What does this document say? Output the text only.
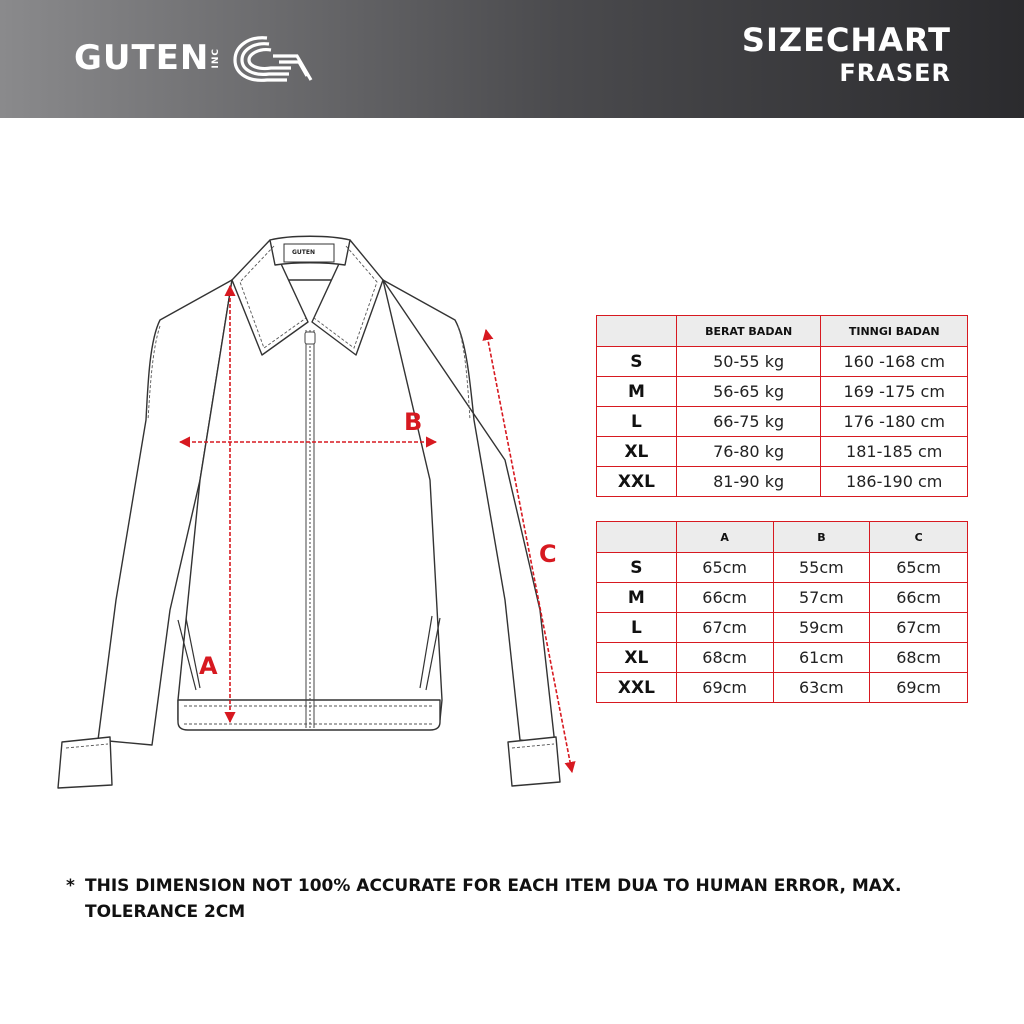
GUTEN INC	SIZECHART
FRASER
GUTEN
A
B
C
	BERAT BADAN	TINNGI BADAN
S	50-55 kg	160 -168 cm
M	56-65 kg	169 -175 cm
L	66-75 kg	176 -180 cm
XL	76-80 kg	181-185 cm
XXL	81-90 kg	186-190 cm
	A	B	C
S	65cm	55cm	65cm
M	66cm	57cm	66cm
L	67cm	59cm	67cm
XL	68cm	61cm	68cm
XXL	69cm	63cm	69cm
* THIS DIMENSION NOT 100% ACCURATE FOR EACH ITEM DUA TO HUMAN ERROR, MAX. TOLERANCE 2CM
